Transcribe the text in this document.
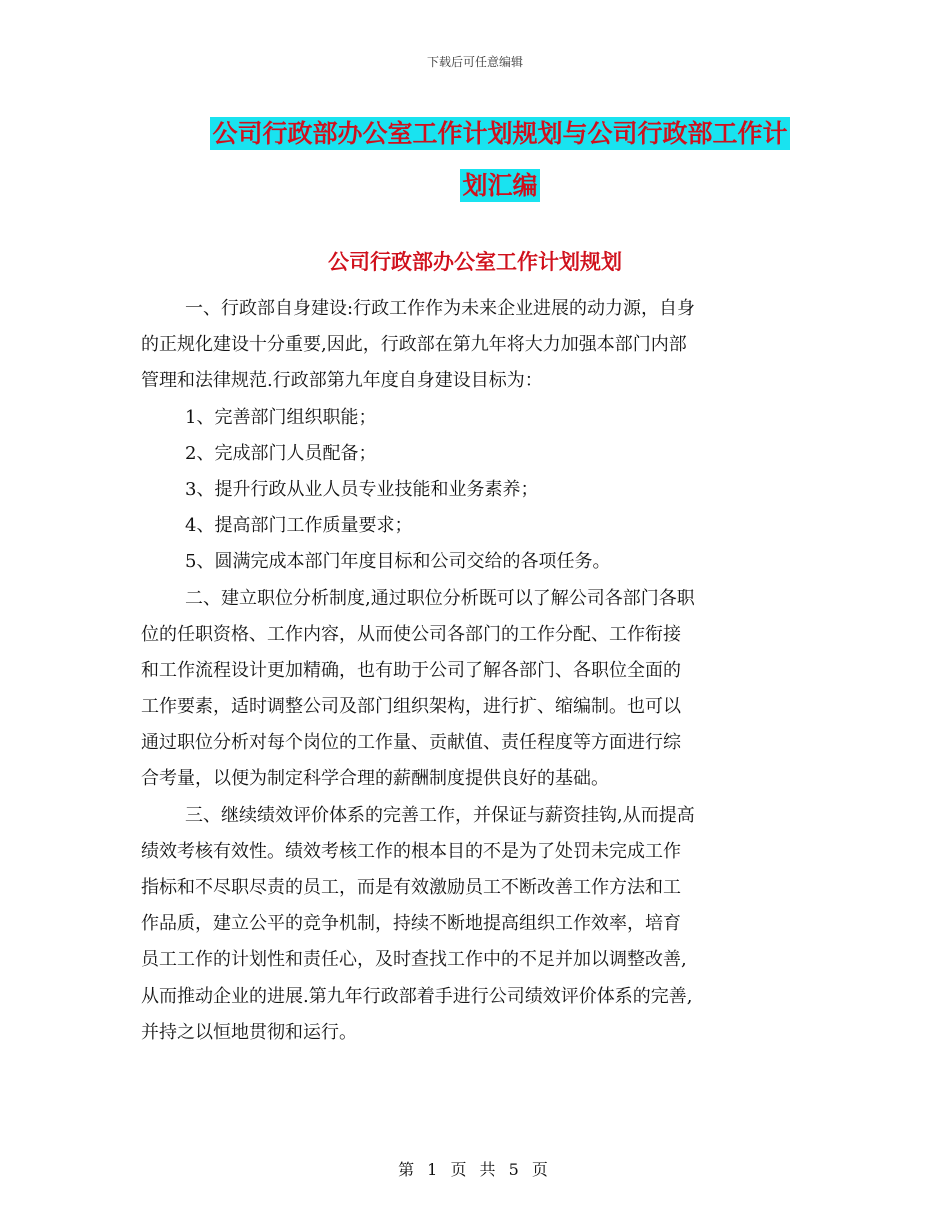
下载后可任意编辑
公司行政部办公室工作计划规划与公司行政部工作计
划汇编
公司行政部办公室工作计划规划
一、行政部自身建设:行政工作作为未来企业进展的动力源，自身
的正规化建设十分重要,因此，行政部在第九年将大力加强本部门内部
管理和法律规范.行政部第九年度自身建设目标为：
1、完善部门组织职能；
2、完成部门人员配备；
3、提升行政从业人员专业技能和业务素养；
4、提高部门工作质量要求；
5、圆满完成本部门年度目标和公司交给的各项任务。
二、建立职位分析制度,通过职位分析既可以了解公司各部门各职
位的任职资格、工作内容，从而使公司各部门的工作分配、工作衔接
和工作流程设计更加精确，也有助于公司了解各部门、各职位全面的
工作要素，适时调整公司及部门组织架构，进行扩、缩编制。也可以
通过职位分析对每个岗位的工作量、贡献值、责任程度等方面进行综
合考量，以便为制定科学合理的薪酬制度提供良好的基础。
三、继续绩效评价体系的完善工作，并保证与薪资挂钩,从而提高
绩效考核有效性。绩效考核工作的根本目的不是为了处罚未完成工作
指标和不尽职尽责的员工，而是有效激励员工不断改善工作方法和工
作品质，建立公平的竞争机制，持续不断地提高组织工作效率，培育
员工工作的计划性和责任心，及时查找工作中的不足并加以调整改善,
从而推动企业的进展.第九年行政部着手进行公司绩效评价体系的完善,
并持之以恒地贯彻和运行。
第 1 页 共 5 页
